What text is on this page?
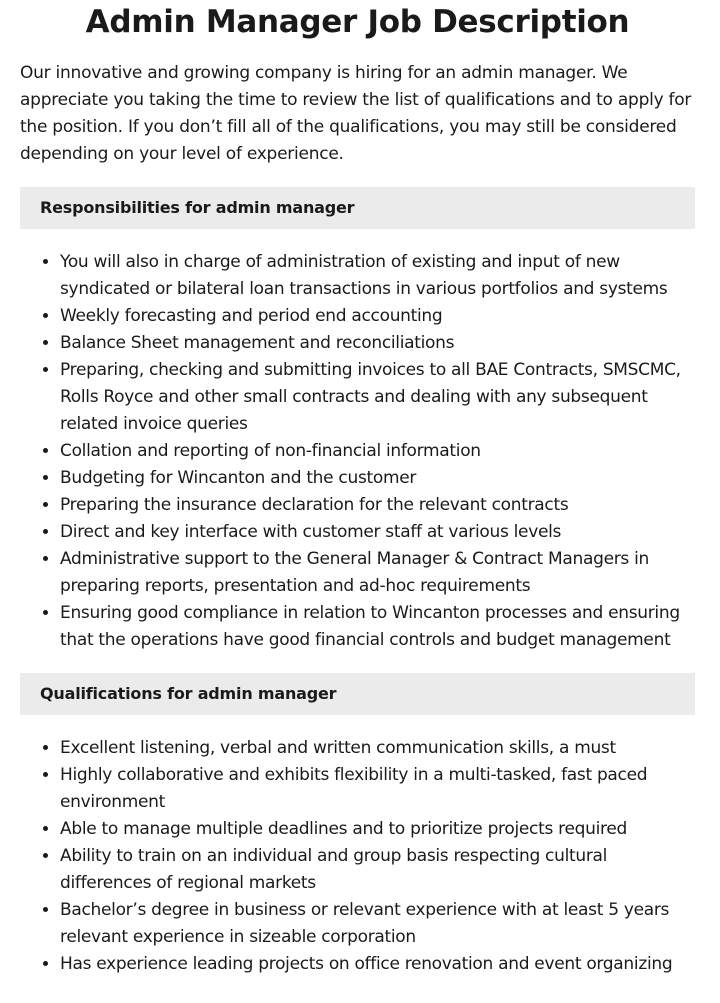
Admin Manager Job Description

Our innovative and growing company is hiring for an admin manager. We appreciate you taking the time to review the list of qualifications and to apply for the position. If you don’t fill all of the qualifications, you may still be considered depending on your level of experience.

Responsibilities for admin manager
• You will also in charge of administration of existing and input of new syndicated or bilateral loan transactions in various portfolios and systems
• Weekly forecasting and period end accounting
• Balance Sheet management and reconciliations
• Preparing, checking and submitting invoices to all BAE Contracts, SMSCMC, Rolls Royce and other small contracts and dealing with any subsequent related invoice queries
• Collation and reporting of non-financial information
• Budgeting for Wincanton and the customer
• Preparing the insurance declaration for the relevant contracts
• Direct and key interface with customer staff at various levels
• Administrative support to the General Manager & Contract Managers in preparing reports, presentation and ad-hoc requirements
• Ensuring good compliance in relation to Wincanton processes and ensuring that the operations have good financial controls and budget management
Qualifications for admin manager
• Excellent listening, verbal and written communication skills, a must
• Highly collaborative and exhibits flexibility in a multi-tasked, fast paced environment
• Able to manage multiple deadlines and to prioritize projects required
• Ability to train on an individual and group basis respecting cultural differences of regional markets
• Bachelor’s degree in business or relevant experience with at least 5 years relevant experience in sizeable corporation
• Has experience leading projects on office renovation and event organizing
